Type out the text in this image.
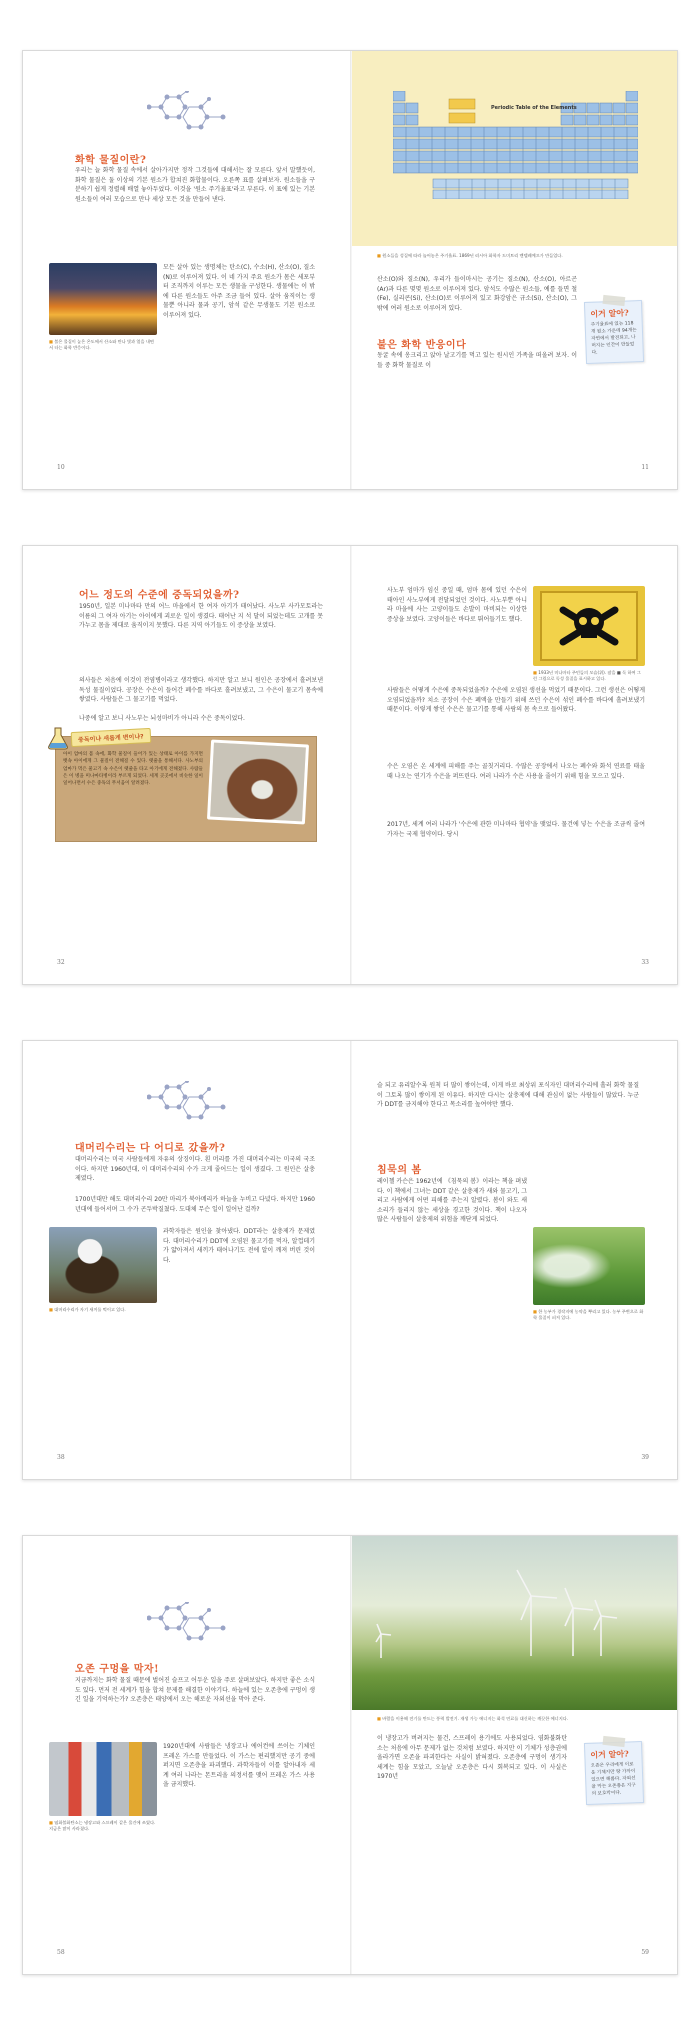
화학 물질이란?
우리는 늘 화학 물질 속에서 살아가지만 정작 그것들에 대해서는 잘 모른다. 앞서 말했듯이, 화학 물질은 둘 이상의 기본 원소가 합쳐진 화합물이다. 오른쪽 표를 살펴보자. 원소들을 구분하기 쉽게 정렬해 배열 놓아두었다. 이것을 '원소 주기율표'라고 부른다. 이 표에 있는 기본 원소들이 여러 모습으로 만나 세상 모든 것을 만들어 낸다.
■ 불은 물질이 높은 온도에서 산소와 만나 빛과 열을 내면서 타는 화학 반응이다.
모든 살아 있는 생명체는 탄소(C), 수소(H), 산소(O), 질소(N)로 이루어져 있다. 이 네 가지 주요 원소가 몸은 세포부터 조직까지 이루는 모든 생물을 구성한다. 생물에는 이 밖에 다른 원소들도 아주 조금 들어 있다. 살아 움직이는 생물뿐 아니라 물과 공기, 암석 같은 무생물도 기본 원소로 이루어져 있다.
10
Periodic Table of the Elements
■ 원소들을 성질에 따라 늘어놓은 주기율표. 1869년 러시아 화학자 드미트리 멘델레예프가 만들었다.
산소(O)와 질소(N), 우리가 들이마시는 공기는 질소(N), 산소(O), 아르곤(Ar)과 다른 몇몇 원소로 이루어져 있다. 암석도 수많은 원소들, 예를 들면 철(Fe), 실리콘(Si), 산소(O)로 이루어져 있고 화강암은 규소(Si), 산소(O), 그 밖에 여러 원소로 이루어져 있다.
불은 화학 반응이다
동굴 속에 옹크리고 앉아 날고기를 먹고 있는 원시인 가족을 떠올려 보자. 이들 중 화학 물질로 이
이거 알아?
주기율표에 있는 118개 원소 가운데 94개는 자연에서 발견되고, 나머지는 인간이 만들었다.
11
어느 정도의 수준에 중독되었을까?
1950년, 일본 미나마타 만의 어느 마을에서 한 여자 아기가 태어났다. 사노부 사카모토라는 이름의 그 여자 아기는 아이에게 괴로운 일이 생겼다. 태어난 지 석 달이 되었는데도 고개를 못 가누고 몸을 제대로 움직이지 못했다. 다른 지역 아기들도 이 증상을 보였다.
의사들은 처음에 이것이 전염병이라고 생각했다. 하지만 알고 보니 원인은 공장에서 흘려보낸 독성 물질이었다. 공장은 수은이 들어간 폐수를 바다로 흘려보냈고, 그 수은이 물고기 몸속에 쌓였다. 사람들은 그 물고기를 먹었다.
나중에 알고 보니 사노부는 뇌성마비가 아니라 수은 중독이었다.
중독이냐 새롭게 변이냐?
아이 엄마의 몸 속에, 화학 물질이 들어가 있는 상태로 아이를 가지면 뱃속 아이에게 그 물질이 전해질 수 있다. 탯줄을 통해서다. 사노부의 엄마가 먹은 물고기 속 수은이 탯줄을 타고 아기에게 전해졌다. 사람들은 이 병을 미나마타병이라 부르게 되었다. 세계 곳곳에서 비슷한 일이 일어나면서 수은 중독의 무서움이 알려졌다.
32
사노부 엄마가 임신 중일 때, 엄마 몸에 있던 수은이 태아인 사노부에게 전달되었던 것이다. 사노부뿐 아니라 마을에 사는 고양이들도 손발이 마비되는 이상한 증상을 보였다. 고양이들은 바다로 뛰어들기도 했다.
■ 1933년 미나마타 주민들의 모습(위). 잠을 ■ 독 하여 그런 그림으로 독성 물질을 표시하고 있다.
사람들은 어떻게 수은에 중독되었을까? 수은에 오염된 생선을 먹었기 때문이다. 그런 생선은 어떻게 오염되었을까? 치소 공장이 수은 폐액을 만들기 위해 쓰던 수은이 섞인 폐수를 바다에 흘려보냈기 때문이다. 이렇게 쌓인 수은은 물고기를 통해 사람의 몸 속으로 들어왔다.
수은 오염은 온 세계에 피해를 주는 골칫거리다. 수많은 공장에서 나오는 폐수와 화석 연료를 태울 때 나오는 연기가 수은을 퍼뜨린다. 여러 나라가 수은 사용을 줄이기 위해 힘을 모으고 있다.
2017년, 세계 여러 나라가 '수은에 관한 미나마타 협약'을 맺었다. 물건에 넣는 수은을 조금씩 줄여 가자는 국제 협약이다. 당시
33
대머리수리는 다 어디로 갔을까?
대머리수리는 미국 사람들에게 자유의 상징이다. 흰 머리를 가진 대머리수리는 미국의 국조이다. 하지만 1960년대, 이 대머리수리의 수가 크게 줄어드는 일이 생겼다. 그 원인은 살충제였다.
1700년대만 해도 대머리수리 20만 마리가 북아메리카 하늘을 누비고 다녔다. 하지만 1960년대에 들어서며 그 수가 곤두박질쳤다. 도대체 무슨 일이 일어난 걸까?
■ 대머리수리가 자기 새끼를 먹이고 있다.
과학자들은 원인을 찾아냈다. DDT라는 살충제가 문제였다. 대머리수리가 DDT에 오염된 물고기를 먹자, 알껍데기가 얇아져서 새끼가 태어나기도 전에 알이 깨져 버린 것이다.
38
슬 되고 유리알수록 원칙 더 많이 쌓이는데, 이게 바로 최상위 포식자인 대머리수리에 흘러 화학 물질이 그토록 많이 쌓이게 된 이유다. 하지만 다시는 살충제에 대해 관심이 없는 사람들이 많았다. 누군가 DDT를 금지해야 한다고 목소리를 높여야만 했다.
침묵의 봄
레이첼 카슨은 1962년에 《침묵의 봄》이라는 책을 펴냈다. 이 책에서 그녀는 DDT 같은 살충제가 새와 물고기, 그리고 사람에게 어떤 피해를 주는지 알렸다. 봄이 와도 새소리가 들리지 않는 세상을 경고한 것이다. 책이 나오자 많은 사람들이 살충제의 위험을 깨닫게 되었다.
■ 한 농부가 경작지에 농약을 뿌리고 있다. 농부 주변으로 화학 물질이 퍼져 있다.
39
오존 구멍을 막자!
지금까지는 화학 물질 때문에 벌어진 슬프고 어두운 일을 주로 살펴보았다. 하지만 좋은 소식도 있다. 먼저 전 세계가 힘을 합쳐 문제를 해결한 이야기다. 하늘에 있는 오존층에 구멍이 생긴 일을 기억하는가? 오존층은 태양에서 오는 해로운 자외선을 막아 준다.
■ 염화불화탄소는 냉장고와 스프레이 같은 물건에 쓰였다. 지금은 많이 사라졌다.
1920년대에 사람들은 냉장고나 에어컨에 쓰이는 기체인 프레온 가스를 만들었다. 이 가스는 편리했지만 공기 중에 퍼지면 오존층을 파괴했다. 과학자들이 이를 알아내자 세계 여러 나라는 몬트리올 의정서를 맺어 프레온 가스 사용을 금지했다.
58
■ 바람을 이용해 전기를 만드는 풍력 발전기. 재생 가능 에너지는 화석 연료를 대신하는 깨끗한 에너지다.
이 냉장고가 버려지는 물건, 스프레이 용기에도 사용되었다. 염화불화탄소는 처음에 아무 문제가 없는 것처럼 보였다. 하지만 이 기체가 성층권에 올라가면 오존을 파괴한다는 사실이 밝혀졌다. 오존층에 구멍이 생기자 세계는 힘을 모았고, 오늘날 오존층은 다시 회복되고 있다. 이 사실은 1970년
이거 알아?
오존은 우리에게 이로운 기체지만 땅 가까이 있으면 해롭다. 자외선을 막는 오존층은 지구의 보호막이다.
59
